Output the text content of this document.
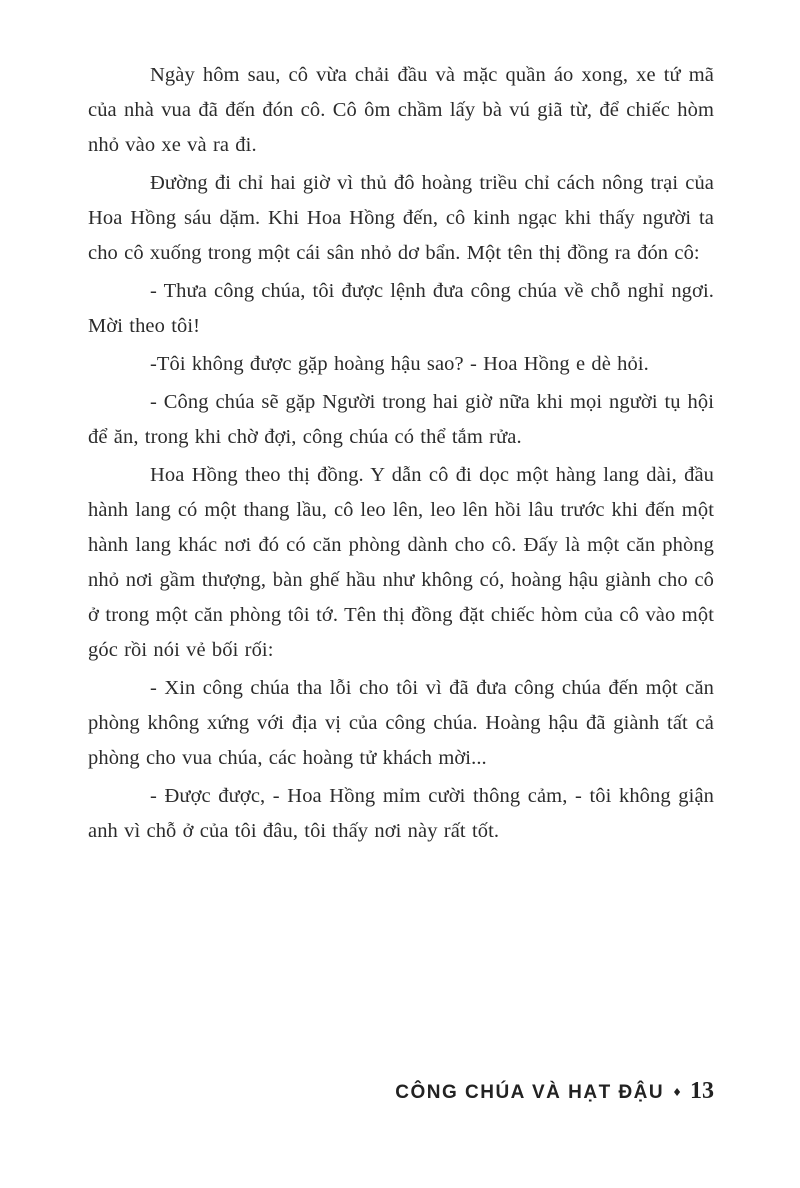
Ngày hôm sau, cô vừa chải đầu và mặc quần áo xong, xe tứ mã của nhà vua đã đến đón cô. Cô ôm chầm lấy bà vú giã từ, để chiếc hòm nhỏ vào xe và ra đi.

Đường đi chỉ hai giờ vì thủ đô hoàng triều chỉ cách nông trại của Hoa Hồng sáu dặm. Khi Hoa Hồng đến, cô kinh ngạc khi thấy người ta cho cô xuống trong một cái sân nhỏ dơ bẩn. Một tên thị đồng ra đón cô:

- Thưa công chúa, tôi được lệnh đưa công chúa về chỗ nghỉ ngơi. Mời theo tôi!

-Tôi không được gặp hoàng hậu sao? - Hoa Hồng e dè hỏi.

- Công chúa sẽ gặp Người trong hai giờ nữa khi mọi người tụ hội để ăn, trong khi chờ đợi, công chúa có thể tắm rửa.

Hoa Hồng theo thị đồng. Y dẫn cô đi dọc một hàng lang dài, đầu hành lang có một thang lầu, cô leo lên, leo lên hồi lâu trước khi đến một hành lang khác nơi đó có căn phòng dành cho cô. Đấy là một căn phòng nhỏ nơi gầm thượng, bàn ghế hầu như không có, hoàng hậu giành cho cô ở trong một căn phòng tôi tớ. Tên thị đồng đặt chiếc hòm của cô vào một góc rồi nói vẻ bối rối:

- Xin công chúa tha lỗi cho tôi vì đã đưa công chúa đến một căn phòng không xứng với địa vị của công chúa. Hoàng hậu đã giành tất cả phòng cho vua chúa, các hoàng tử khách mời...

- Được được, - Hoa Hồng mỉm cười thông cảm, - tôi không giận anh vì chỗ ở của tôi đâu, tôi thấy nơi này rất tốt.

CÔNG CHÚA VÀ HẠT ĐẬU ♦ 13
